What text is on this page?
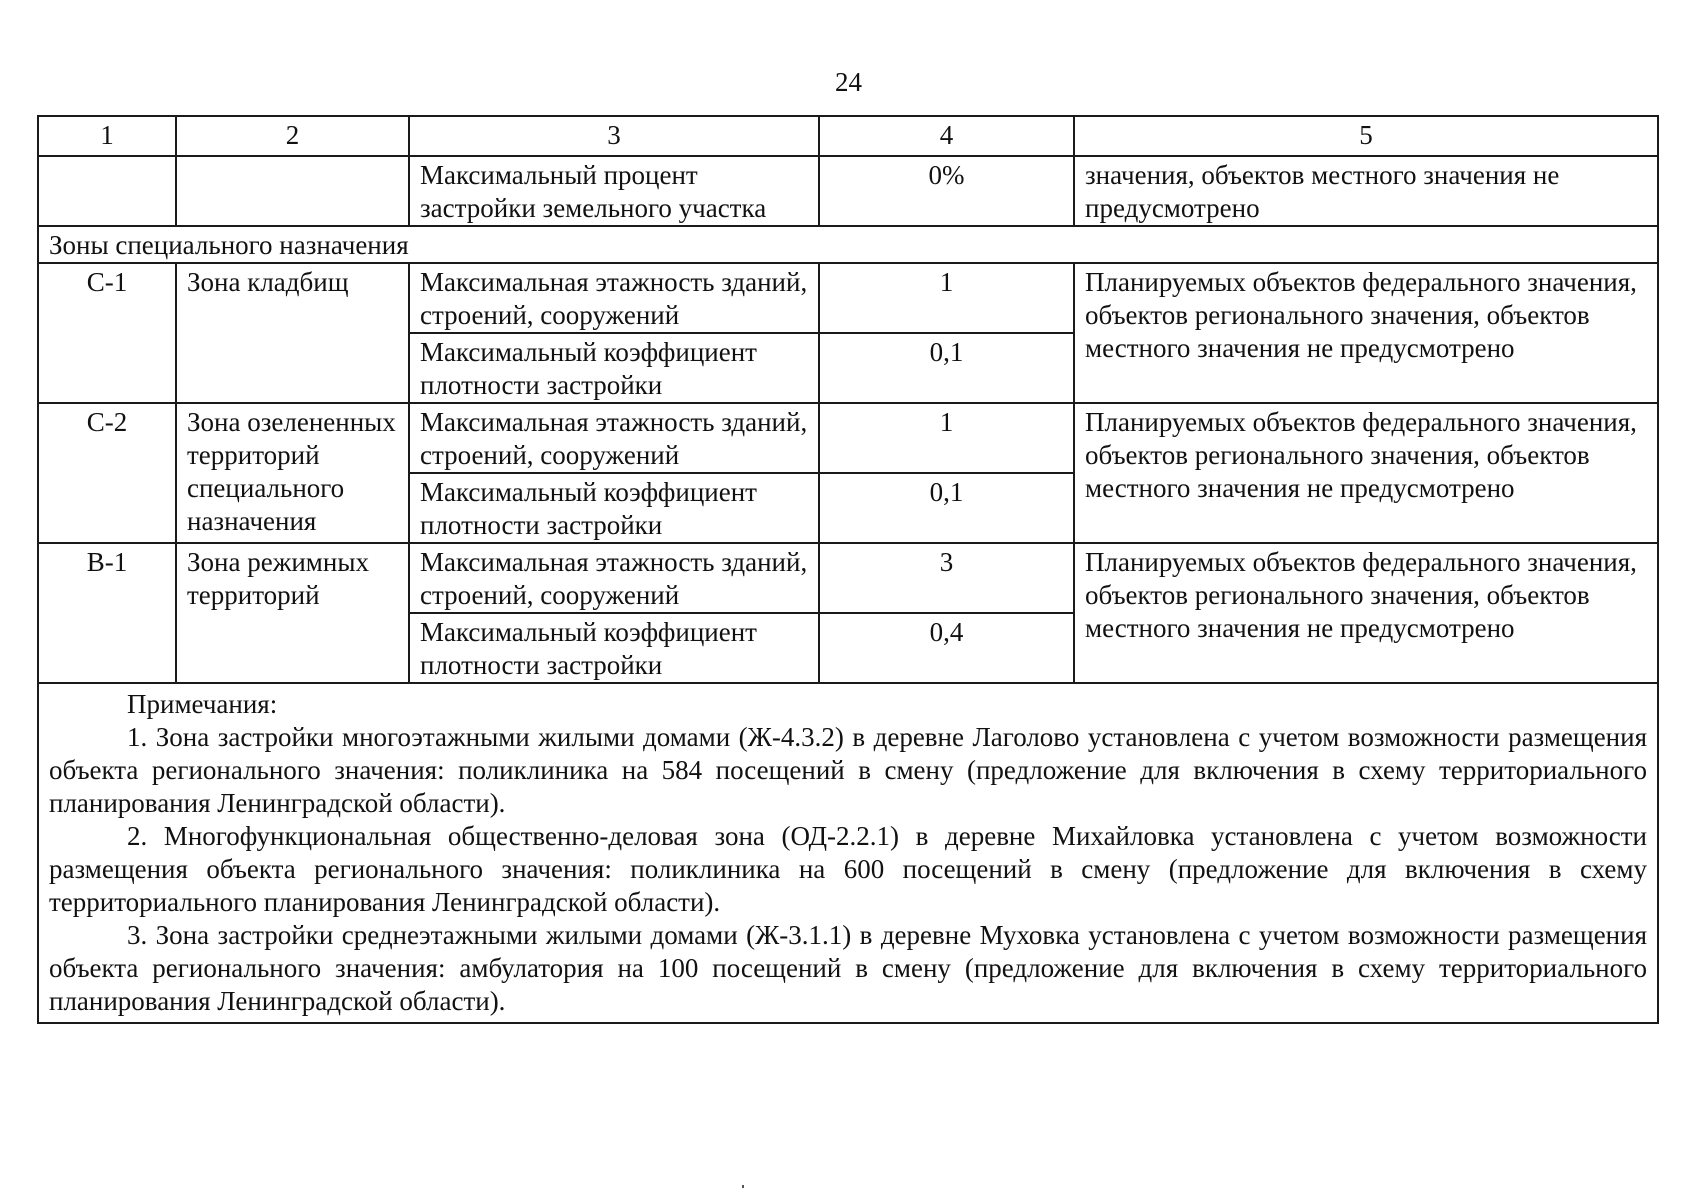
24
1	2	3	4	5
		Максимальный процент застройки земельного участка	0%	значения, объектов местного значения не предусмотрено
Зоны специального назначения				
С-1	Зона кладбищ	Максимальная этажность зданий, строений, сооружений	1	Планируемых объектов федерального значения, объектов регионального значения, объектов местного значения не предусмотрено
		Максимальный коэффициент плотности застройки	0,1	
С-2	Зона озелененных территорий специального назначения	Максимальная этажность зданий, строений, сооружений	1	Планируемых объектов федерального значения, объектов регионального значения, объектов местного значения не предусмотрено
		Максимальный коэффициент плотности застройки	0,1	
В-1	Зона режимных территорий	Максимальная этажность зданий, строений, сооружений	3	Планируемых объектов федерального значения, объектов регионального значения, объектов местного значения не предусмотрено
		Максимальный коэффициент плотности застройки	0,4	

Примечания:
1. Зона застройки многоэтажными жилыми домами (Ж-4.3.2) в деревне Лаголово установлена с учетом возможности размещения объекта регионального значения: поликлиника на 584 посещений в смену (предложение для включения в схему территориального планирования Ленинградской области).
2. Многофункциональная общественно-деловая зона (ОД-2.2.1) в деревне Михайловка установлена с учетом возможности размещения объекта регионального значения: поликлиника на 600 посещений в смену (предложение для включения в схему территориального планирования Ленинградской области).
3. Зона застройки среднеэтажными жилыми домами (Ж-3.1.1) в деревне Муховка установлена с учетом возможности размещения объекта регионального значения: амбулатория на 100 посещений в смену (предложение для включения в схему территориального планирования Ленинградской области).				
